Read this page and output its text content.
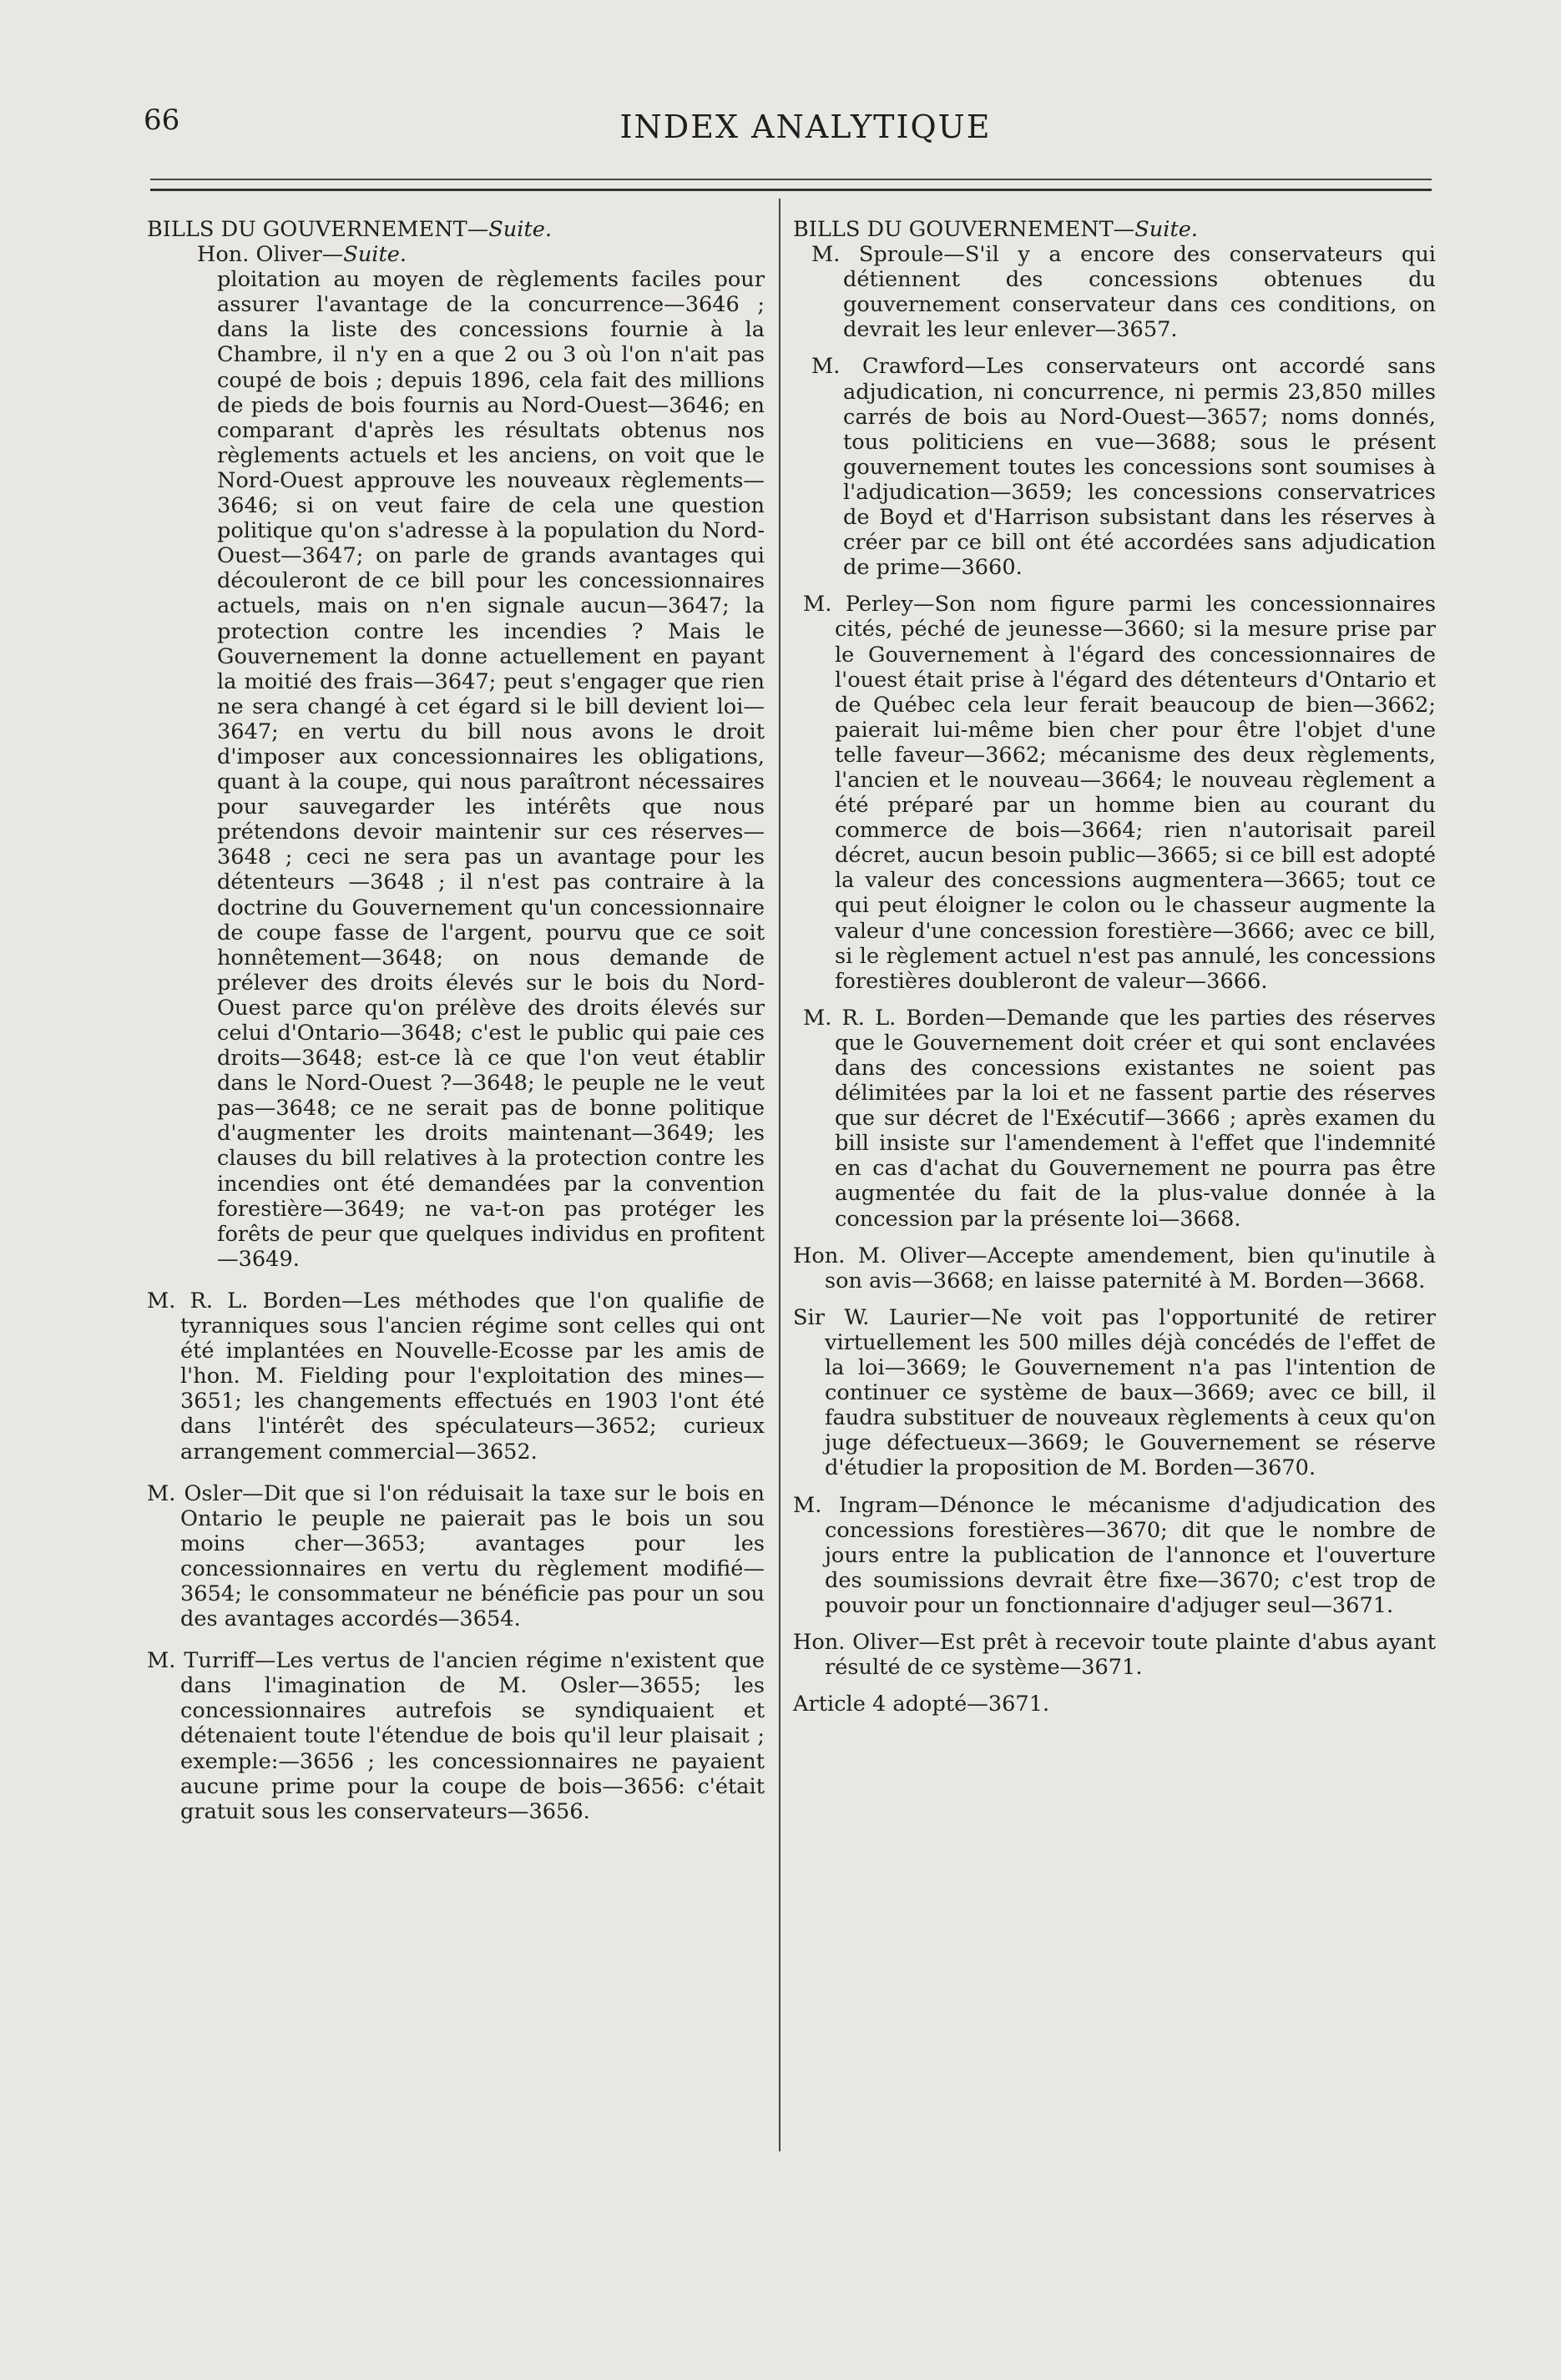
66	INDEX ANALYTIQUE
BILLS DU GOUVERNEMENT—Suite.
Hon. Oliver—Suite.

ploitation au moyen de règlements faciles pour assurer l'avantage de la concurrence—3646 ; dans la liste des concessions fournie à la Chambre, il n'y en a que 2 ou 3 où l'on n'ait pas coupé de bois ; depuis 1896, cela fait des millions de pieds de bois fournis au Nord-Ouest—3646; en comparant d'après les résultats obtenus nos règlements actuels et les anciens, on voit que le Nord-Ouest approuve les nouveaux règlements—3646; si on veut faire de cela une question politique qu'on s'adresse à la population du Nord-Ouest—3647; on parle de grands avantages qui découleront de ce bill pour les concessionnaires actuels, mais on n'en signale aucun—3647; la protection contre les incendies ? Mais le Gouvernement la donne actuellement en payant la moitié des frais—3647; peut s'engager que rien ne sera changé à cet égard si le bill devient loi—3647; en vertu du bill nous avons le droit d'imposer aux concessionnaires les obligations, quant à la coupe, qui nous paraîtront nécessaires pour sauvegarder les intérêts que nous prétendons devoir maintenir sur ces réserves—3648 ; ceci ne sera pas un avantage pour les détenteurs —3648 ; il n'est pas contraire à la doctrine du Gouvernement qu'un concessionnaire de coupe fasse de l'argent, pourvu que ce soit honnêtement—3648; on nous demande de prélever des droits élevés sur le bois du Nord-Ouest parce qu'on prélève des droits élevés sur celui d'Ontario—3648; c'est le public qui paie ces droits—3648; est-ce là ce que l'on veut établir dans le Nord-Ouest ?—3648; le peuple ne le veut pas—3648; ce ne serait pas de bonne politique d'augmenter les droits maintenant—3649; les clauses du bill relatives à la protection contre les incendies ont été demandées par la convention forestière—3649; ne va-t-on pas protéger les forêts de peur que quelques individus en profitent—3649.

M. R. L. Borden—Les méthodes que l'on qualifie de tyranniques sous l'ancien régime sont celles qui ont été implantées en Nouvelle-Ecosse par les amis de l'hon. M. Fielding pour l'exploitation des mines—3651; les changements effectués en 1903 l'ont été dans l'intérêt des spéculateurs—3652; curieux arrangement commercial—3652.

M. Osler—Dit que si l'on réduisait la taxe sur le bois en Ontario le peuple ne paierait pas le bois un sou moins cher—3653; avantages pour les concessionnaires en vertu du règlement modifié—3654; le consommateur ne bénéficie pas pour un sou des avantages accordés—3654.

M. Turriff—Les vertus de l'ancien régime n'existent que dans l'imagination de M. Osler—3655; les concessionnaires autrefois se syndiquaient et détenaient toute l'étendue de bois qu'il leur plaisait ; exemple:—3656 ; les concessionnaires ne payaient aucune prime pour la coupe de bois—3656: c'était gratuit sous les conservateurs—3656.

BILLS DU GOUVERNEMENT—Suite.

M. Sproule—S'il y a encore des conservateurs qui détiennent des concessions obtenues du gouvernement conservateur dans ces conditions, on devrait les leur enlever—3657.

M. Crawford—Les conservateurs ont accordé sans adjudication, ni concurrence, ni permis 23,850 milles carrés de bois au Nord-Ouest—3657; noms donnés, tous politiciens en vue—3688; sous le présent gouvernement toutes les concessions sont soumises à l'adjudication—3659; les concessions conservatrices de Boyd et d'Harrison subsistant dans les réserves à créer par ce bill ont été accordées sans adjudication de prime—3660.

M. Perley—Son nom figure parmi les concessionnaires cités, péché de jeunesse—3660; si la mesure prise par le Gouvernement à l'égard des concessionnaires de l'ouest était prise à l'égard des détenteurs d'Ontario et de Québec cela leur ferait beaucoup de bien—3662; paierait lui-même bien cher pour être l'objet d'une telle faveur—3662; mécanisme des deux règlements, l'ancien et le nouveau—3664; le nouveau règlement a été préparé par un homme bien au courant du commerce de bois—3664; rien n'autorisait pareil décret, aucun besoin public—3665; si ce bill est adopté la valeur des concessions augmentera—3665; tout ce qui peut éloigner le colon ou le chasseur augmente la valeur d'une concession forestière—3666; avec ce bill, si le règlement actuel n'est pas annulé, les concessions forestières doubleront de valeur—3666.

M. R. L. Borden—Demande que les parties des réserves que le Gouvernement doit créer et qui sont enclavées dans des concessions existantes ne soient pas délimitées par la loi et ne fassent partie des réserves que sur décret de l'Exécutif—3666 ; après examen du bill insiste sur l'amendement à l'effet que l'indemnité en cas d'achat du Gouvernement ne pourra pas être augmentée du fait de la plus-value donnée à la concession par la présente loi—3668.

Hon. M. Oliver—Accepte amendement, bien qu'inutile à son avis—3668; en laisse paternité à M. Borden—3668.

Sir W. Laurier—Ne voit pas l'opportunité de retirer virtuellement les 500 milles déjà concédés de l'effet de la loi—3669; le Gouvernement n'a pas l'intention de continuer ce système de baux—3669; avec ce bill, il faudra substituer de nouveaux règlements à ceux qu'on juge défectueux—3669; le Gouvernement se réserve d'étudier la proposition de M. Borden—3670.

M. Ingram—Dénonce le mécanisme d'adjudication des concessions forestières—3670; dit que le nombre de jours entre la publication de l'annonce et l'ouverture des soumissions devrait être fixe—3670; c'est trop de pouvoir pour un fonctionnaire d'adjuger seul—3671.

Hon. Oliver—Est prêt à recevoir toute plainte d'abus ayant résulté de ce système—3671.

Article 4 adopté—3671.
